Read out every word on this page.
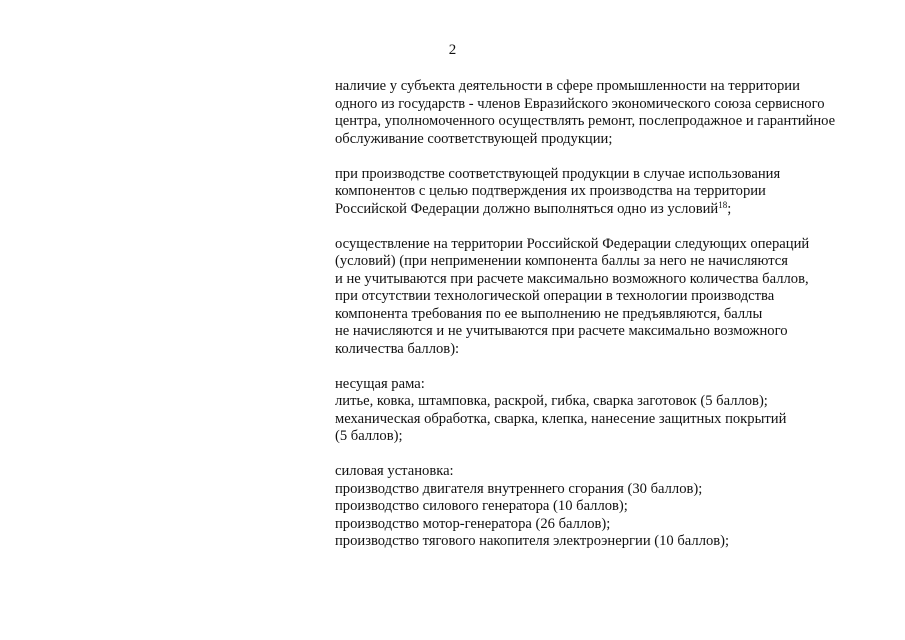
2
наличие у субъекта деятельности в сфере промышленности на территории
одного из государств - членов Евразийского экономического союза сервисного
центра, уполномоченного осуществлять ремонт, послепродажное и гарантийное
обслуживание соответствующей продукции;
при производстве соответствующей продукции в случае использования
компонентов с целью подтверждения их производства на территории
Российской Федерации должно выполняться одно из условий$^{18}$;
осуществление на территории Российской Федерации следующих операций
(условий) (при неприменении компонента баллы за него не начисляются
и не учитываются при расчете максимально возможного количества баллов,
при отсутствии технологической операции в технологии производства
компонента требования по ее выполнению не предъявляются, баллы
не начисляются и не учитываются при расчете максимально возможного
количества баллов):
несущая рама:
литье, ковка, штамповка, раскрой, гибка, сварка заготовок (5 баллов);
механическая обработка, сварка, клепка, нанесение защитных покрытий
(5 баллов);
силовая установка:
производство двигателя внутреннего сгорания (30 баллов);
производство силового генератора (10 баллов);
производство мотор-генератора (26 баллов);
производство тягового накопителя электроэнергии (10 баллов);
